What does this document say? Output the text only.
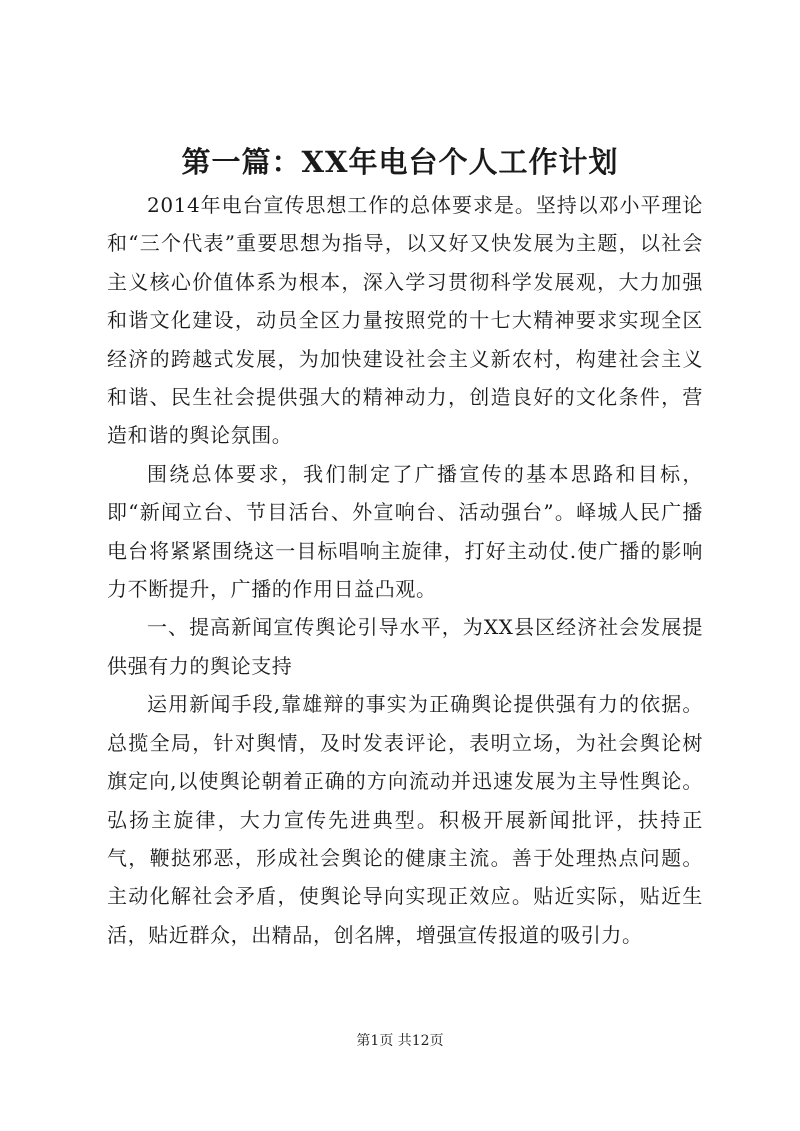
第一篇：XX年电台个人工作计划

2014年电台宣传思想工作的总体要求是。坚持以邓小平理论和“三个代表”重要思想为指导，以又好又快发展为主题，以社会主义核心价值体系为根本，深入学习贯彻科学发展观，大力加强和谐文化建设，动员全区力量按照党的十七大精神要求实现全区经济的跨越式发展，为加快建设社会主义新农村，构建社会主义和谐、民生社会提供强大的精神动力，创造良好的文化条件，营造和谐的舆论氛围。

围绕总体要求，我们制定了广播宣传的基本思路和目标，即“新闻立台、节目活台、外宣响台、活动强台”。峄城人民广播电台将紧紧围绕这一目标唱响主旋律，打好主动仗.使广播的影响力不断提升，广播的作用日益凸观。

一、提高新闻宣传舆论引导水平，为XX县区经济社会发展提供强有力的舆论支持

运用新闻手段,靠雄辩的事实为正确舆论提供强有力的依据。总揽全局，针对舆情，及时发表评论，表明立场，为社会舆论树旗定向,以使舆论朝着正确的方向流动并迅速发展为主导性舆论。弘扬主旋律，大力宣传先进典型。积极开展新闻批评，扶持正气，鞭挞邪恶，形成社会舆论的健康主流。善于处理热点问题。主动化解社会矛盾，使舆论导向实现正效应。贴近实际，贴近生活，贴近群众，出精品，创名牌，增强宣传报道的吸引力。

第1页 共12页
